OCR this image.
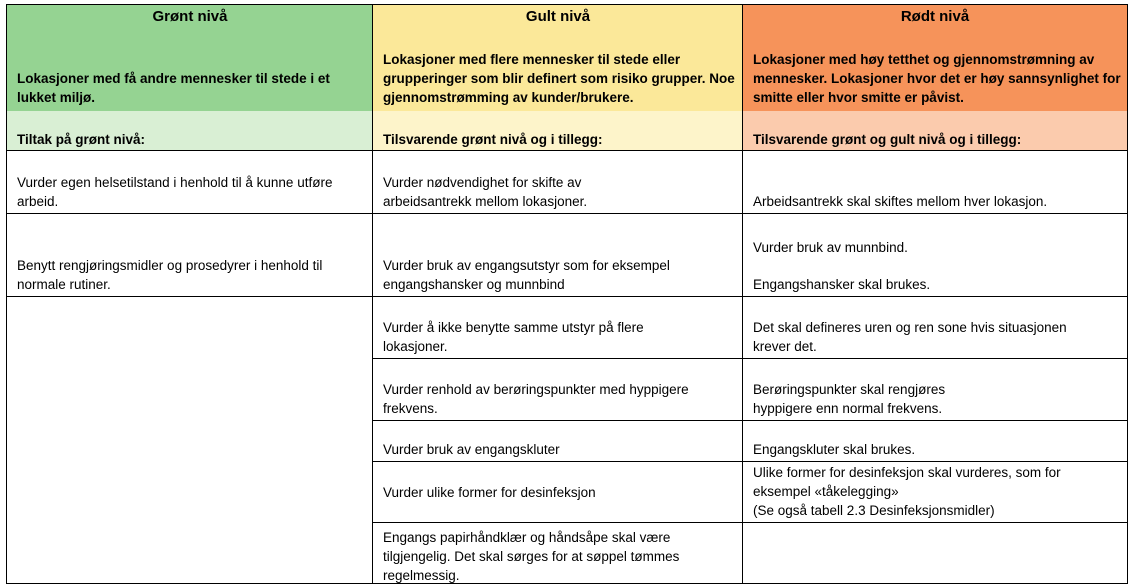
Grønt nivå

Lokasjoner med få andre mennesker til stede i et lukket miljø.

Gult nivå

Lokasjoner med flere mennesker til stede eller grupperinger som blir definert som risiko grupper. Noe gjennomstrømming av kunder/brukere.

Rødt nivå

Lokasjoner med høy tetthet og gjennomstrømning av mennesker. Lokasjoner hvor det er høy sannsynlighet for smitte eller hvor smitte er påvist.

Tiltak på grønt nivå:	Tilsvarende grønt nivå og i tillegg:	Tilsvarende grønt og gult nivå og i tillegg:

Vurder egen helsetilstand i henhold til å kunne utføre arbeid.

Benytt rengjøringsmidler og prosedyrer i henhold til normale rutiner.

Vurder nødvendighet for skifte av
arbeidsantrekk mellom lokasjoner.

Vurder bruk av engangsutstyr som for eksempel
engangshansker og munnbind

Vurder å ikke benytte samme utstyr på flere
lokasjoner.

Vurder renhold av berøringspunkter med hyppigere
frekvens.

Vurder bruk av engangskluter

Vurder ulike former for desinfeksjon

Engangs papirhåndklær og håndsåpe skal være
tilgjengelig. Det skal sørges for at søppel tømmes
regelmessig.

Arbeidsantrekk skal skiftes mellom hver lokasjon.

Vurder bruk av munnbind.

Engangshansker skal brukes.

Det skal defineres uren og ren sone hvis situasjonen
krever det.

Berøringspunkter skal rengjøres
hyppigere enn normal frekvens.

Engangskluter skal brukes.

Ulike former for desinfeksjon skal vurderes, som for
eksempel «tåkelegging»
(Se også tabell 2.3 Desinfeksjonsmidler)
